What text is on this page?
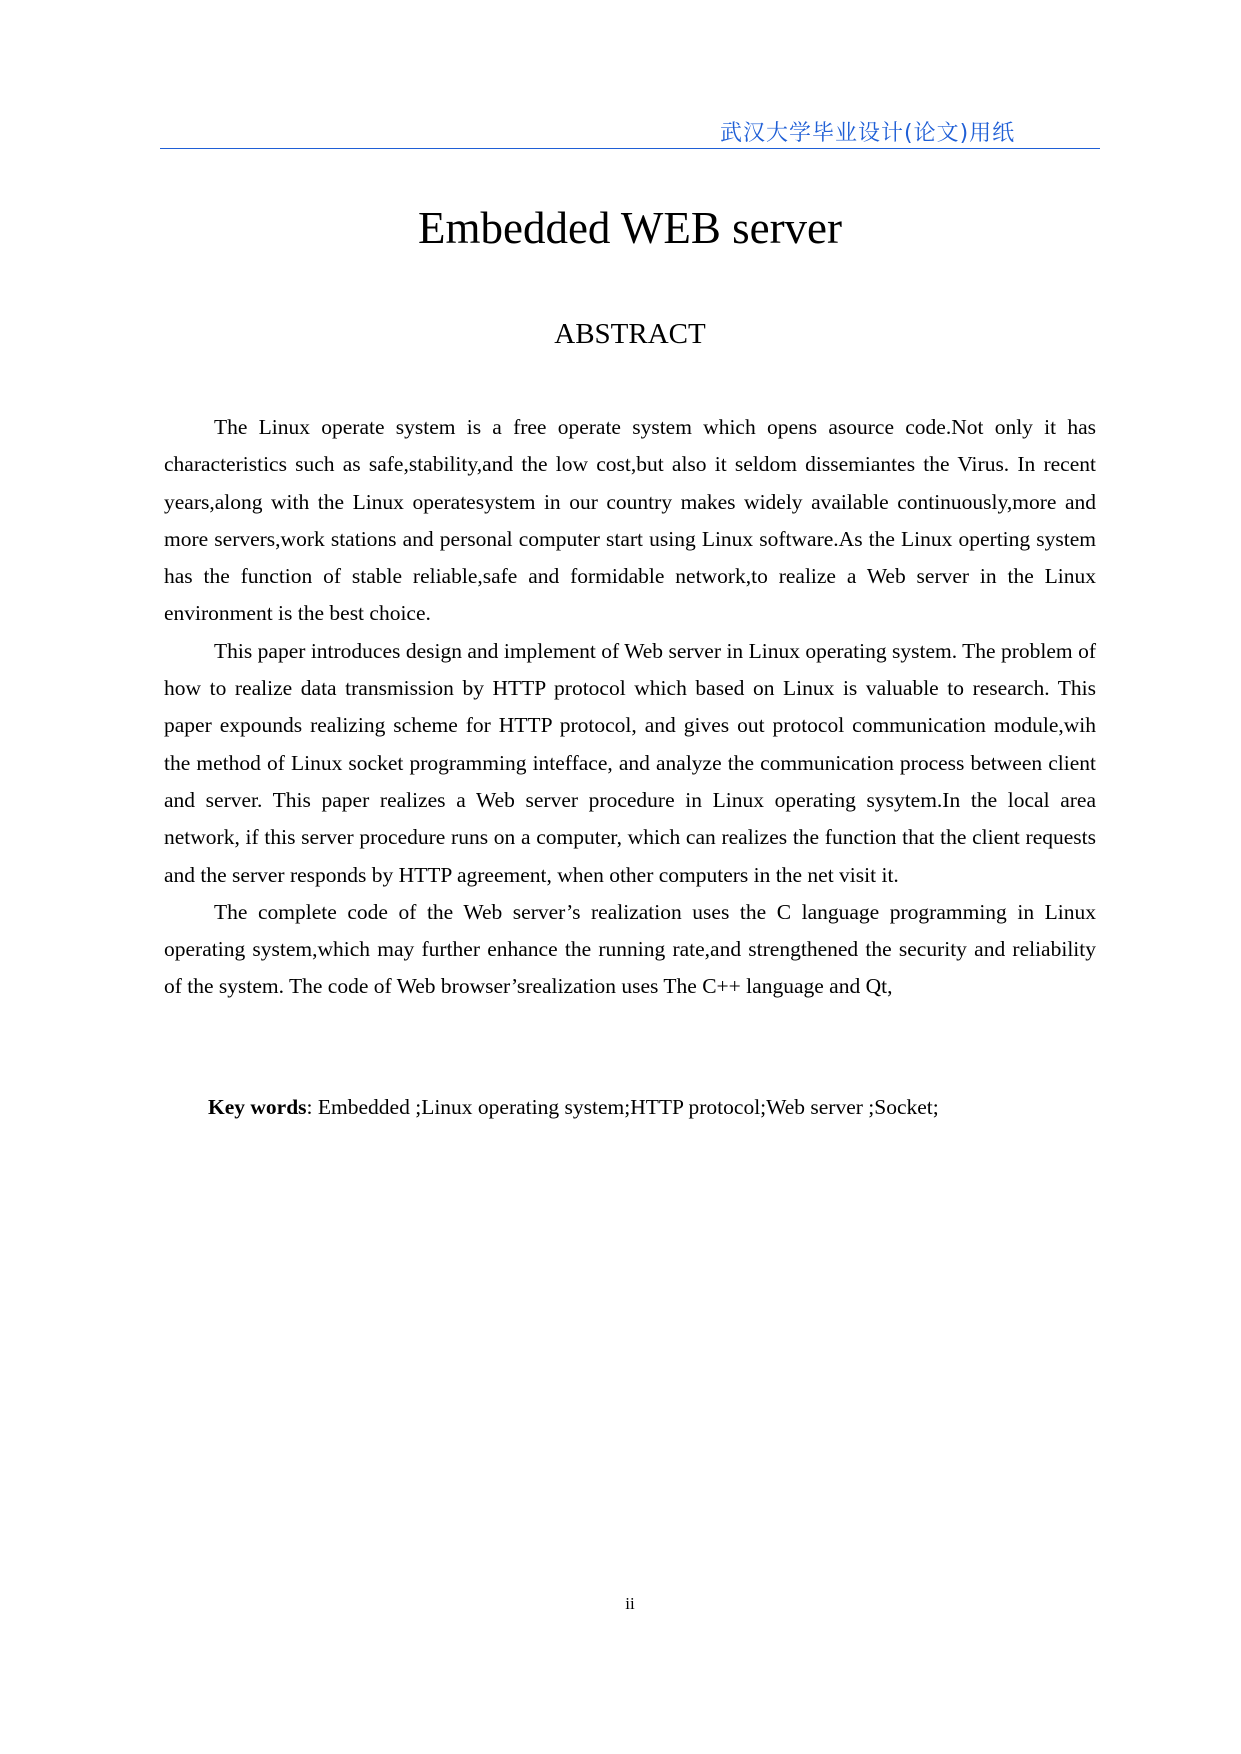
武汉大学毕业设计(论文)用纸
Embedded WEB server
ABSTRACT

The Linux operate system is a free operate system which opens asource code.Not only it has characteristics such as safe,stability,and the low cost,but also it seldom dissemiantes the Virus. In recent years,along with the Linux operatesystem in our country makes widely available continuously,more and more servers,work stations and personal computer start using Linux software.As the Linux operting system has the function of stable reliable,safe and formidable network,to realize a Web server in the Linux environment is the best choice.

This paper introduces design and implement of Web server in Linux operating system. The problem of how to realize data transmission by HTTP protocol which based on Linux is valuable to research. This paper expounds realizing scheme for HTTP protocol, and gives out protocol communication module,wih the method of Linux socket programming intefface, and analyze the communication process between client and server. This paper realizes a Web server procedure in Linux operating sysytem.In the local area network, if this server procedure runs on a computer, which can realizes the function that the client requests and the server responds by HTTP agreement, when other computers in the net visit it.

The complete code of the Web server’s realization uses the C language programming in Linux operating system,which may further enhance the running rate,and strengthened the security and reliability of the system. The code of Web browser’srealization uses The C++ language and Qt,

Key words: Embedded ;Linux operating system;HTTP protocol;Web server ;Socket;
ii
